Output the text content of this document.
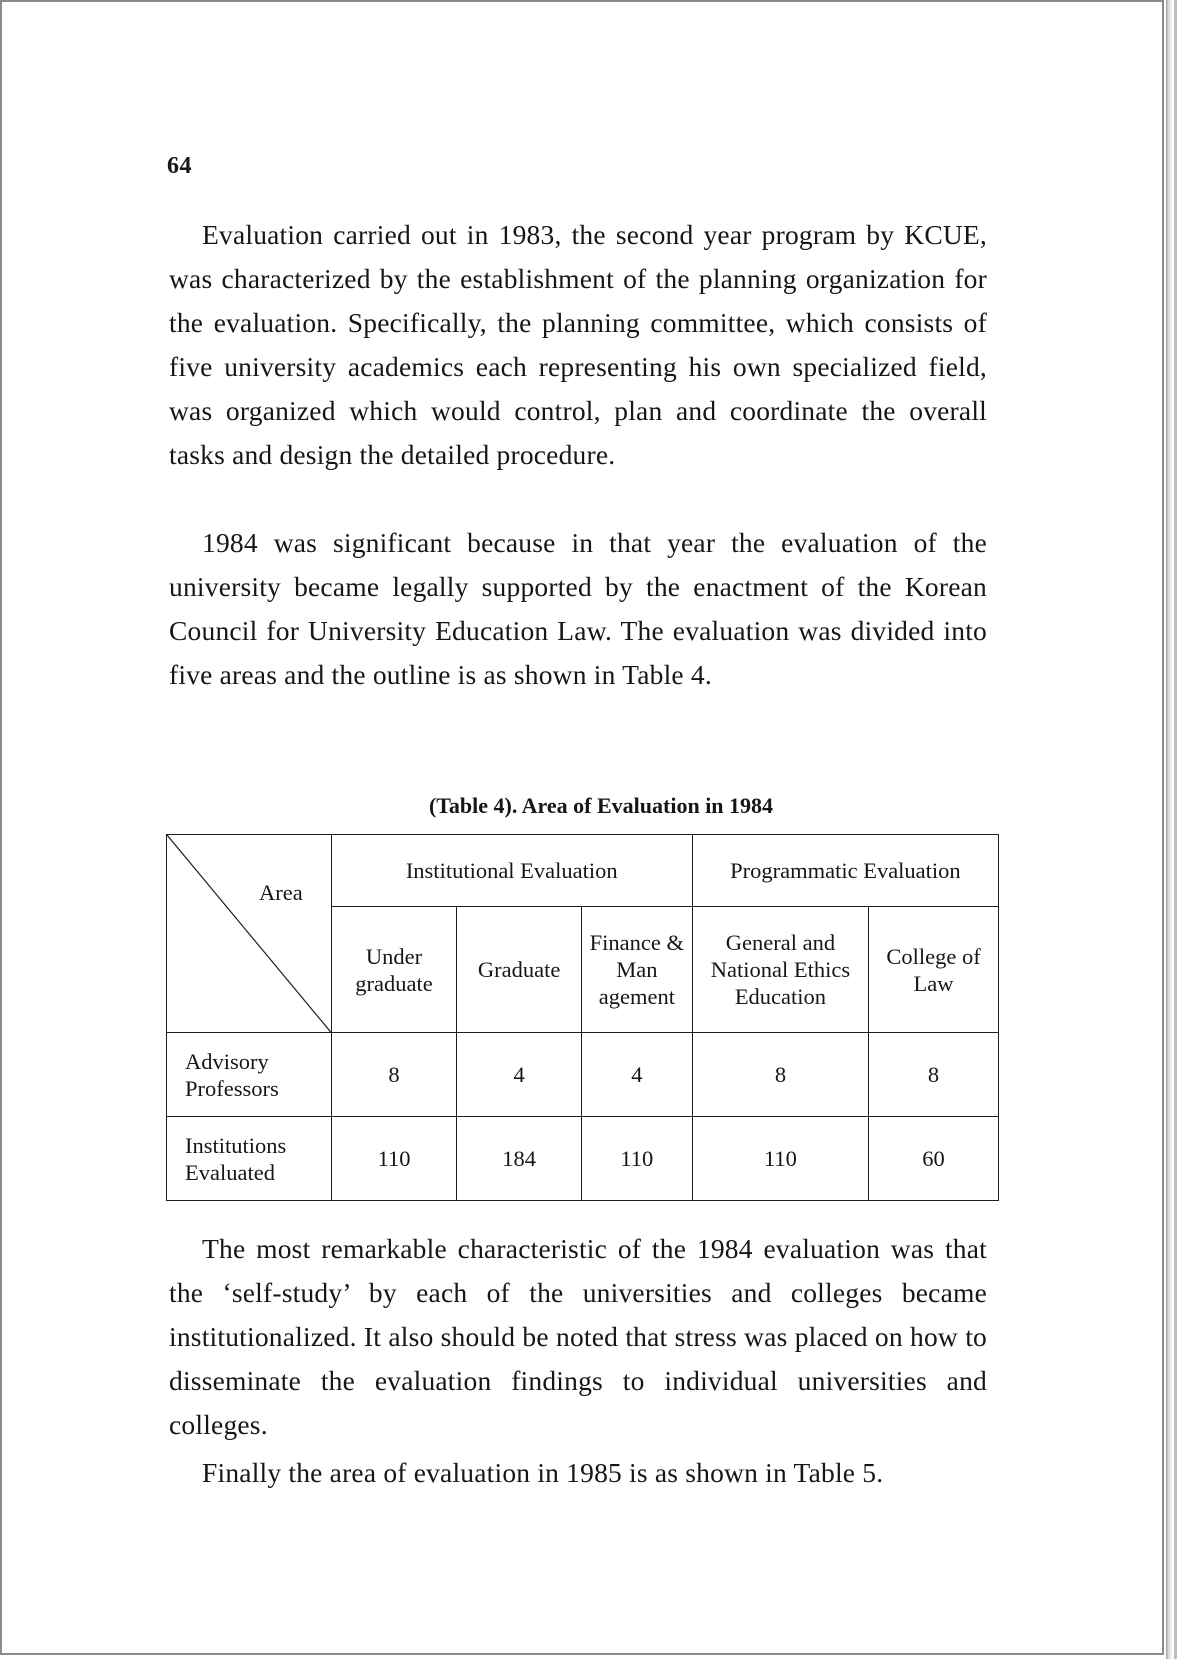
64

Evaluation carried out in 1983, the second year program by KCUE, was characterized by the establishment of the planning organization for the evaluation. Specifically, the planning committee, which consists of five university academics each representing his own specialized field, was organized which would control, plan and coordinate the overall tasks and design the detailed procedure.

1984 was significant because in that year the evaluation of the university became legally supported by the enactment of the Korean Council for University Education Law. The evaluation was divided into five areas and the outline is as shown in Table 4.

(Table 4). Area of Evaluation in 1984
Area	Institutional Evaluation			Programmatic Evaluation	
	Under graduate	Graduate	Finance & Man agement	General and National Ethics Education	College of Law
Advisory Professors	8	4	4	8	8
Institutions Evaluated	110	184	110	110	60

The most remarkable characteristic of the 1984 evaluation was that the ‘self-study’ by each of the universities and colleges became institutionalized. It also should be noted that stress was placed on how to disseminate the evaluation findings to individual universities and colleges.

Finally the area of evaluation in 1985 is as shown in Table 5.
